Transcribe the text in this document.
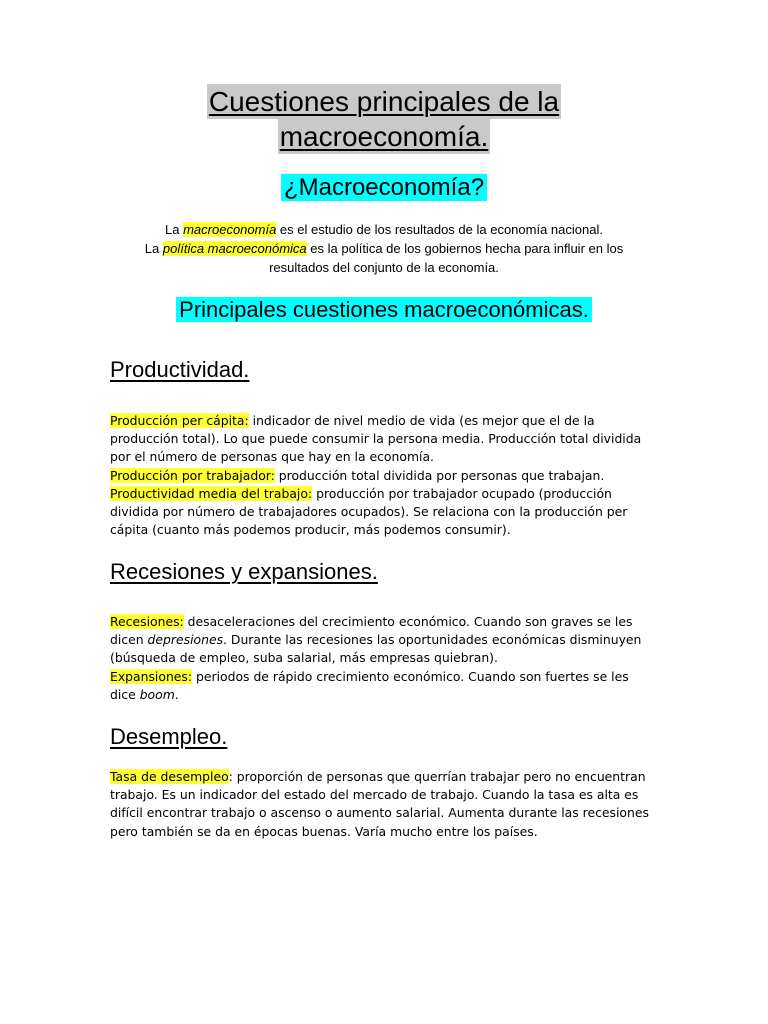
Cuestiones principales de la
macroeconomía.
¿Macroeconomía?
La macroeconomía es el estudio de los resultados de la economía nacional.
La política macroeconómica es la política de los gobiernos hecha para influir en los
resultados del conjunto de la economía.
Principales cuestiones macroeconómicas.
Productividad.
Producción per cápita: indicador de nivel medio de vida (es mejor que el de la
producción total). Lo que puede consumir la persona media. Producción total dividida
por el número de personas que hay en la economía.
Producción por trabajador: producción total dividida por personas que trabajan.
Productividad media del trabajo: producción por trabajador ocupado (producción
dividida por número de trabajadores ocupados). Se relaciona con la producción per
cápita (cuanto más podemos producir, más podemos consumir).
Recesiones y expansiones.
Recesiones: desaceleraciones del crecimiento económico. Cuando son graves se les
dicen depresiones. Durante las recesiones las oportunidades económicas disminuyen
(búsqueda de empleo, suba salarial, más empresas quiebran).
Expansiones: periodos de rápido crecimiento económico. Cuando son fuertes se les
dice boom.
Desempleo.
Tasa de desempleo: proporción de personas que querrían trabajar pero no encuentran
trabajo. Es un indicador del estado del mercado de trabajo. Cuando la tasa es alta es
difícil encontrar trabajo o ascenso o aumento salarial. Aumenta durante las recesiones
pero también se da en épocas buenas. Varía mucho entre los países.
